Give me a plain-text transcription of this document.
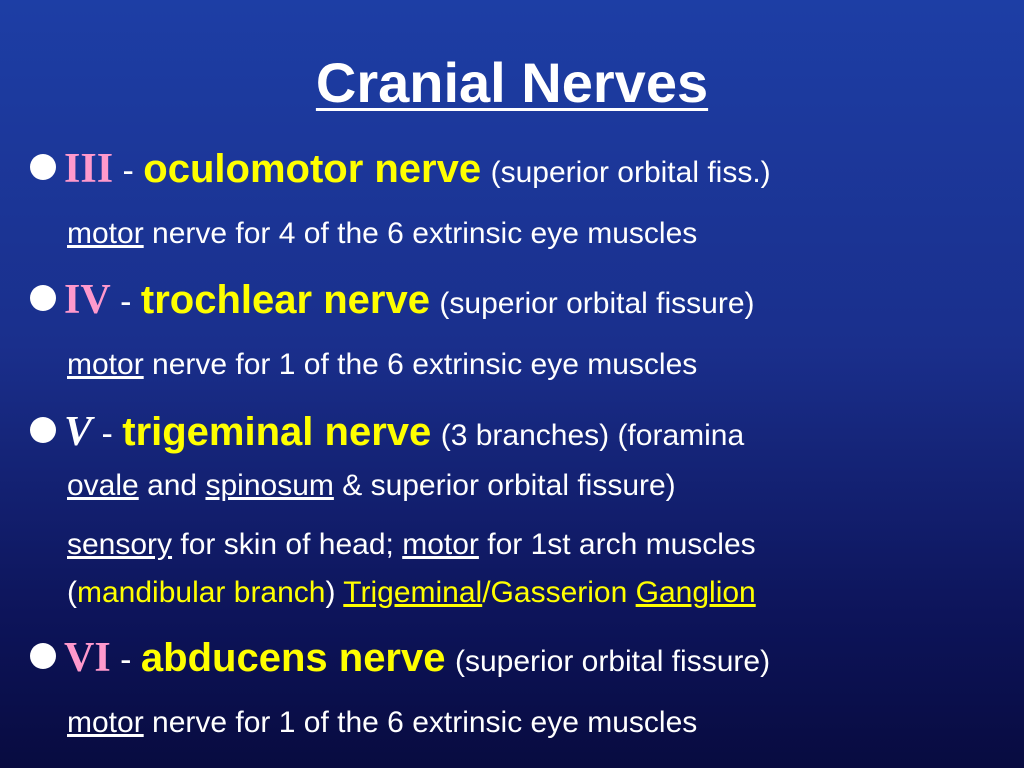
Cranial Nerves
III - oculomotor nerve (superior orbital fiss.)
motor nerve for 4 of the 6 extrinsic eye muscles
IV - trochlear nerve (superior orbital fissure)
motor nerve for 1 of the 6 extrinsic eye muscles
V - trigeminal nerve (3 branches) (foramina
ovale and spinosum & superior orbital fissure)
sensory for skin of head; motor for 1st arch muscles
(mandibular branch) Trigeminal/Gasserion Ganglion
VI - abducens nerve (superior orbital fissure)
motor nerve for 1 of the 6 extrinsic eye muscles
